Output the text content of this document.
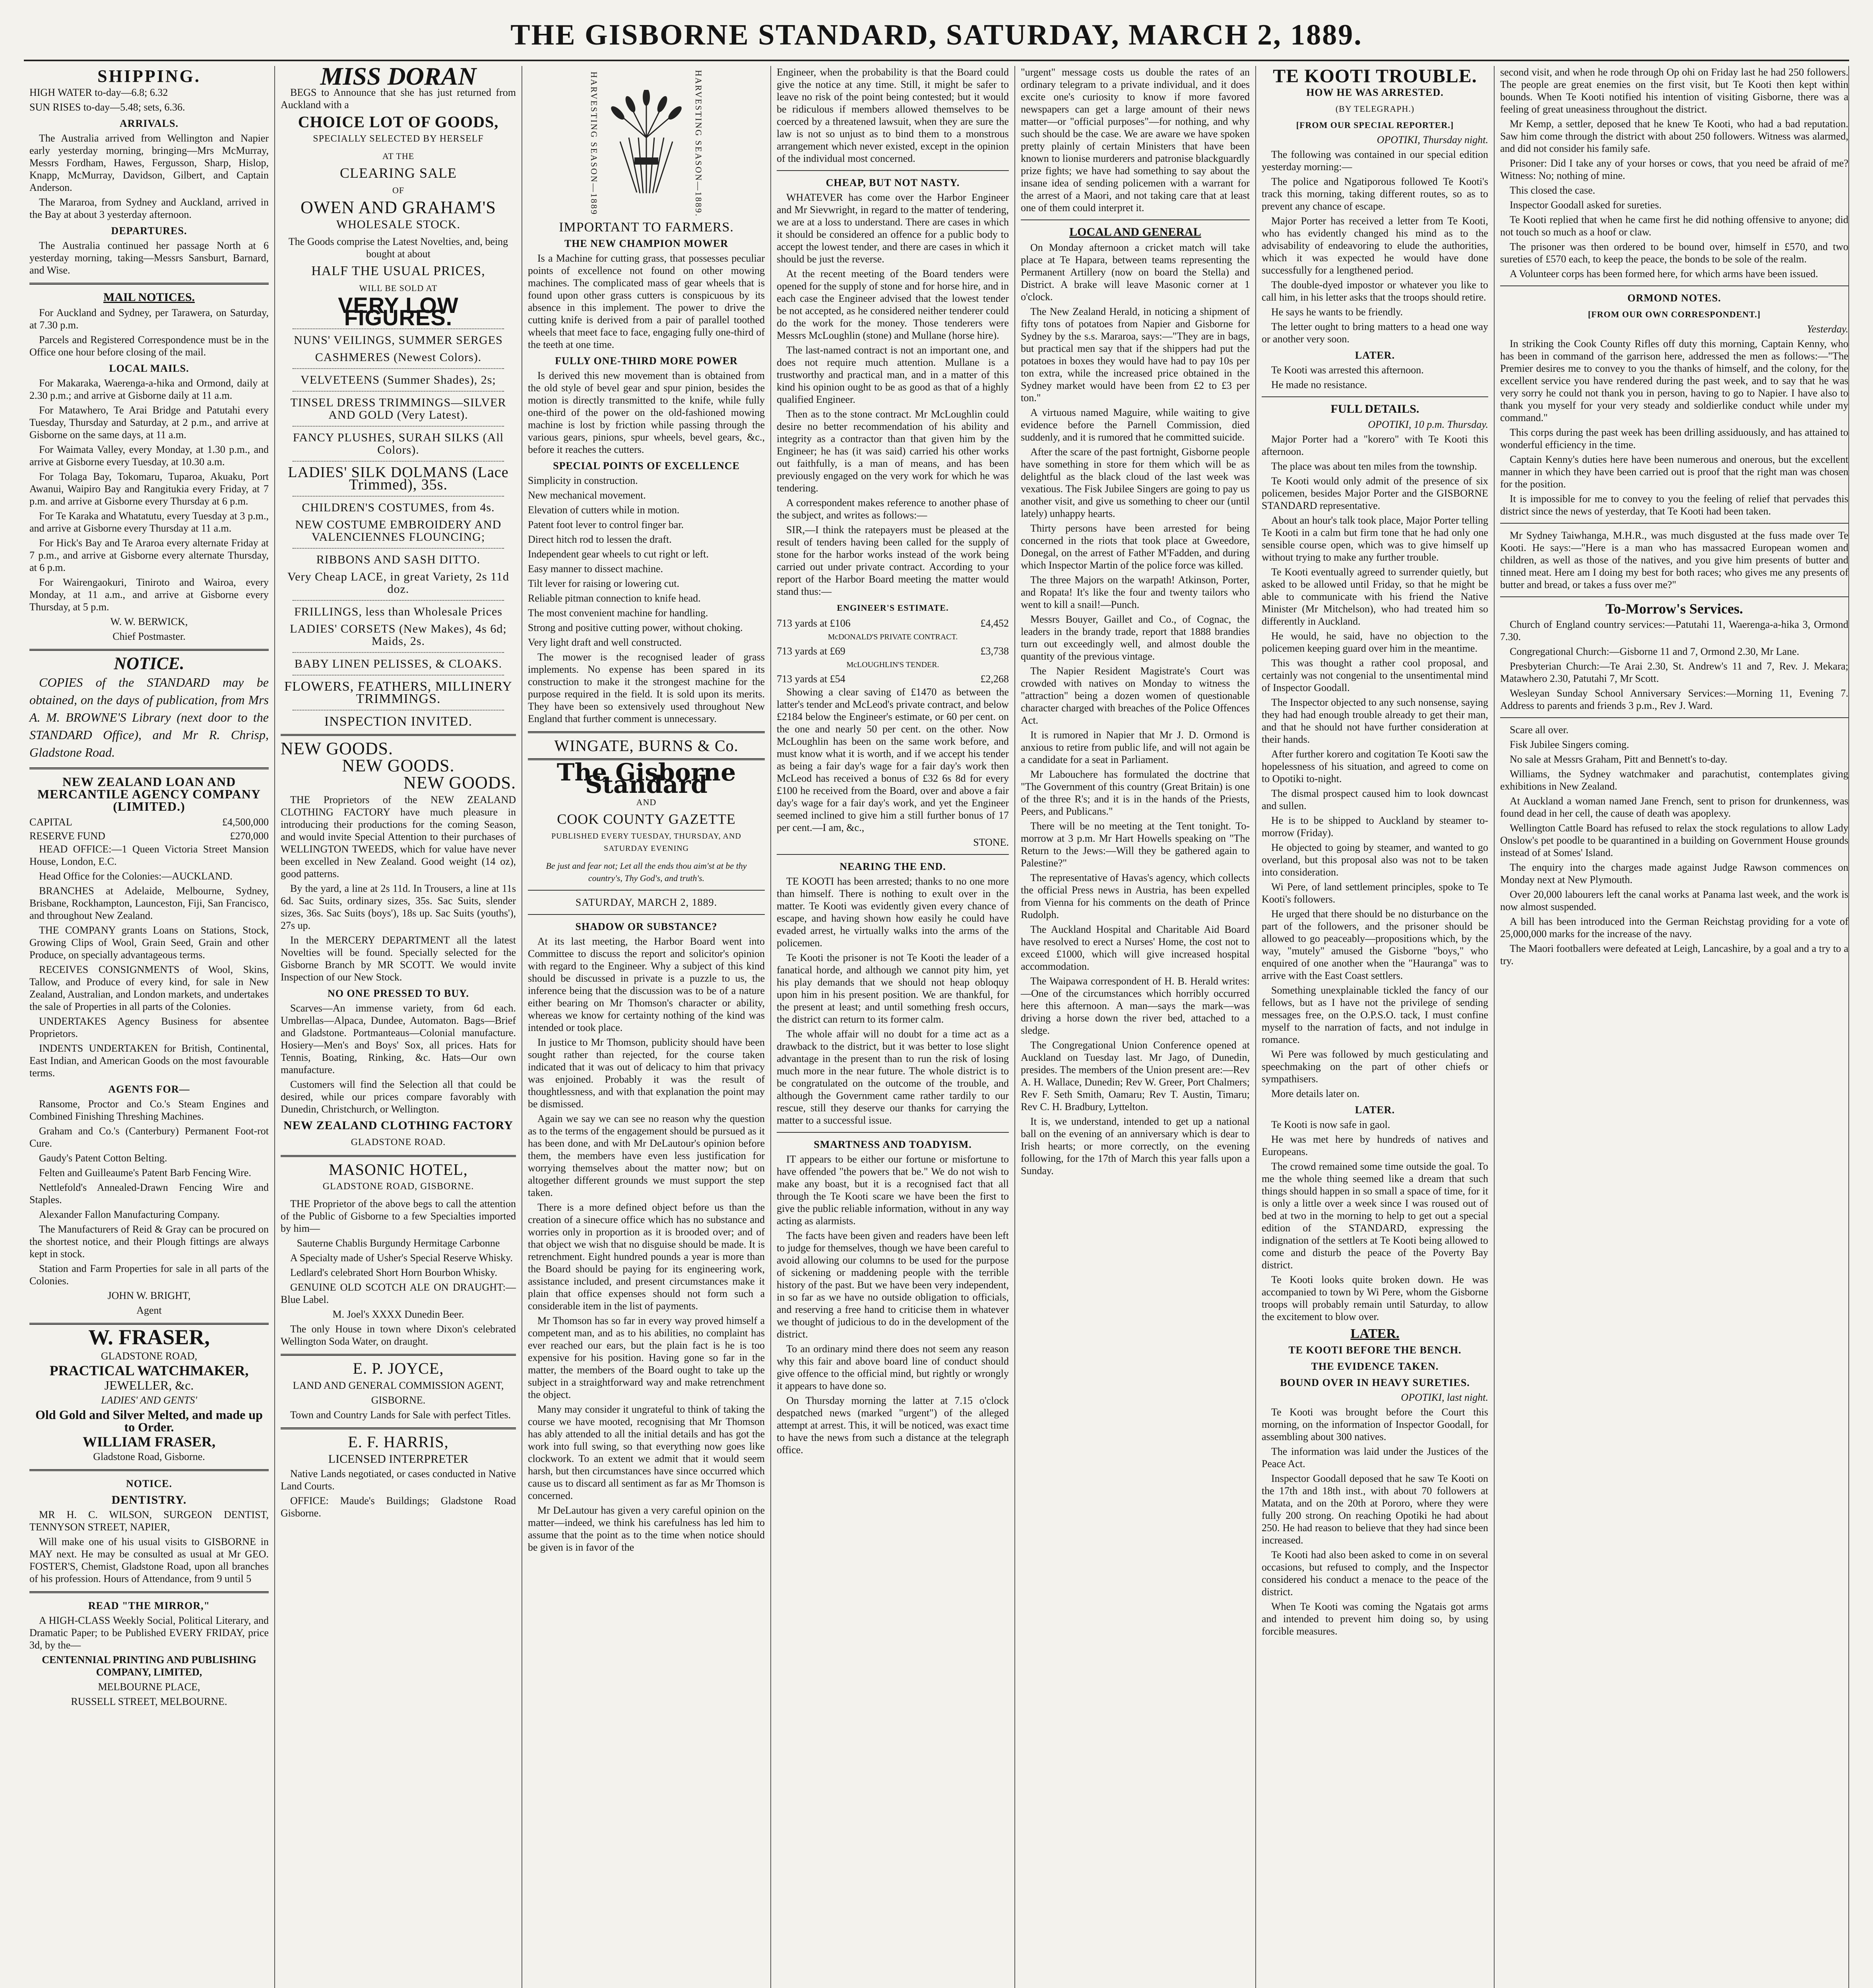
THE GISBORNE STANDARD, SATURDAY, MARCH 2, 1889.
SHIPPING.

HIGH WATER to-day—6.8; 6.32

SUN RISES to-day—5.48; sets, 6.36.

ARRIVALS.

The Australia arrived from Wellington and Napier early yesterday morning, bringing—Mrs McMurray, Messrs Fordham, Hawes, Fergusson, Sharp, Hislop, Knapp, McMurray, Davidson, Gilbert, and Captain Anderson.

The Mararoa, from Sydney and Auckland, arrived in the Bay at about 3 yesterday afternoon.

DEPARTURES.

The Australia continued her passage North at 6 yesterday morning, taking—Messrs Sansburt, Barnard, and Wise.

MAIL NOTICES.

For Auckland and Sydney, per Tarawera, on Saturday, at 7.30 p.m.

Parcels and Registered Correspondence must be in the Office one hour before closing of the mail.

LOCAL MAILS.

For Makaraka, Waerenga-a-hika and Ormond, daily at 2.30 p.m.; and arrive at Gisborne daily at 11 a.m.

For Matawhero, Te Arai Bridge and Patutahi every Tuesday, Thursday and Saturday, at 2 p.m., and arrive at Gisborne on the same days, at 11 a.m.

For Waimata Valley, every Monday, at 1.30 p.m., and arrive at Gisborne every Tuesday, at 10.30 a.m.

For Tolaga Bay, Tokomaru, Tuparoa, Akuaku, Port Awanui, Waipiro Bay and Rangitukia every Friday, at 7 p.m. and arrive at Gisborne every Thursday at 6 p.m.

For Te Karaka and Whatatutu, every Tuesday at 3 p.m., and arrive at Gisborne every Thursday at 11 a.m.

For Hick's Bay and Te Araroa every alternate Friday at 7 p.m., and arrive at Gisborne every alternate Thursday, at 6 p.m.

For Wairengaokuri, Tiniroto and Wairoa, every Monday, at 11 a.m., and arrive at Gisborne every Thursday, at 5 p.m.

W. W. BERWICK,

Chief Postmaster.

NOTICE.

COPIES of the STANDARD may be obtained, on the days of publication, from Mrs A. M. BROWNE'S Library (next door to the STANDARD Office), and Mr R. Chrisp, Gladstone Road.

NEW ZEALAND LOAN AND MERCANTILE AGENCY COMPANY (LIMITED.)
CAPITAL	£4,500,000
RESERVE FUND	£270,000

HEAD OFFICE:—1 Queen Victoria Street Mansion House, London, E.C.

Head Office for the Colonies:—AUCKLAND.

BRANCHES at Adelaide, Melbourne, Sydney, Brisbane, Rockhampton, Launceston, Fiji, San Francisco, and throughout New Zealand.

THE COMPANY grants Loans on Stations, Stock, Growing Clips of Wool, Grain Seed, Grain and other Produce, on specially advantageous terms.

RECEIVES CONSIGNMENTS of Wool, Skins, Tallow, and Produce of every kind, for sale in New Zealand, Australian, and London markets, and undertakes the sale of Properties in all parts of the Colonies.

UNDERTAKES Agency Business for absentee Proprietors.

INDENTS UNDERTAKEN for British, Continental, East Indian, and American Goods on the most favourable terms.

AGENTS FOR—

Ransome, Proctor and Co.'s Steam Engines and Combined Finishing Threshing Machines.

Graham and Co.'s (Canterbury) Permanent Foot-rot Cure.

Gaudy's Patent Cotton Belting.

Felten and Guilleaume's Patent Barb Fencing Wire.

Nettlefold's Annealed-Drawn Fencing Wire and Staples.

Alexander Fallon Manufacturing Company.

The Manufacturers of Reid & Gray can be procured on the shortest notice, and their Plough fittings are always kept in stock.

Station and Farm Properties for sale in all parts of the Colonies.

JOHN W. BRIGHT,

Agent

W. FRASER,

GLADSTONE ROAD,

PRACTICAL WATCHMAKER,

JEWELLER, &c.

LADIES' AND GENTS'

Old Gold and Silver Melted, and made up to Order.

WILLIAM FRASER,

Gladstone Road, Gisborne.

NOTICE.
DENTISTRY.

MR H. C. WILSON, SURGEON DENTIST, TENNYSON STREET, NAPIER,

Will make one of his usual visits to GISBORNE in MAY next. He may be consulted as usual at Mr GEO. FOSTER'S, Chemist, Gladstone Road, upon all branches of his profession. Hours of Attendance, from 9 until 5

READ "THE MIRROR,"

A HIGH-CLASS Weekly Social, Political Literary, and Dramatic Paper; to be Published EVERY FRIDAY, price 3d, by the—

CENTENNIAL PRINTING AND PUBLISHING COMPANY, LIMITED,

MELBOURNE PLACE,

RUSSELL STREET, MELBOURNE.

MISS DORAN

BEGS to Announce that she has just returned from Auckland with a

CHOICE LOT OF GOODS,
SPECIALLY SELECTED BY HERSELF
AT THE
CLEARING SALE
OF
OWEN AND GRAHAM'S
WHOLESALE STOCK.

The Goods comprise the Latest Novelties, and, being bought at about

HALF THE USUAL PRICES,
WILL BE SOLD AT
VERY LOW FIGURES.
NUNS' VEILINGS, SUMMER SERGES
CASHMERES (Newest Colors).
VELVETEENS (Summer Shades), 2s;
TINSEL DRESS TRIMMINGS—SILVER AND GOLD (Very Latest).
FANCY PLUSHES, SURAH SILKS (All Colors).
LADIES' SILK DOLMANS (Lace Trimmed), 35s.
CHILDREN'S COSTUMES, from 4s.
NEW COSTUME EMBROIDERY AND VALENCIENNES FLOUNCING;
RIBBONS AND SASH DITTO.
Very Cheap LACE, in great Variety, 2s 11d doz.
FRILLINGS, less than Wholesale Prices
LADIES' CORSETS (New Makes), 4s 6d; Maids, 2s.
BABY LINEN PELISSES, & CLOAKS.
FLOWERS, FEATHERS, MILLINERY TRIMMINGS.
INSPECTION INVITED.
NEW GOODS.
NEW GOODS.
NEW GOODS.

THE Proprietors of the NEW ZEALAND CLOTHING FACTORY have much pleasure in introducing their productions for the coming Season, and would invite Special Attention to their purchases of WELLINGTON TWEEDS, which for value have never been excelled in New Zealand. Good weight (14 oz), good patterns.

By the yard, a line at 2s 11d. In Trousers, a line at 11s 6d. Sac Suits, ordinary sizes, 35s. Sac Suits, slender sizes, 36s. Sac Suits (boys'), 18s up. Sac Suits (youths'), 27s up.

In the MERCERY DEPARTMENT all the latest Novelties will be found. Specially selected for the Gisborne Branch by MR SCOTT. We would invite Inspection of our New Stock.

NO ONE PRESSED TO BUY.

Scarves—An immense variety, from 6d each. Umbrellas—Alpaca, Dundee, Automaton. Bags—Brief and Gladstone. Portmanteaus—Colonial manufacture. Hosiery—Men's and Boys' Sox, all prices. Hats for Tennis, Boating, Rinking, &c. Hats—Our own manufacture.

Customers will find the Selection all that could be desired, while our prices compare favorably with Dunedin, Christchurch, or Wellington.

NEW ZEALAND CLOTHING FACTORY
GLADSTONE ROAD.
MASONIC HOTEL,
GLADSTONE ROAD, GISBORNE.

THE Proprietor of the above begs to call the attention of the Public of Gisborne to a few Specialties imported by him—

Sauterne Chablis Burgundy Hermitage Carbonne

A Specialty made of Usher's Special Reserve Whisky.

Ledlard's celebrated Short Horn Bourbon Whisky.

GENUINE OLD SCOTCH ALE ON DRAUGHT:—Blue Label.

M. Joel's XXXX Dunedin Beer.

The only House in town where Dixon's celebrated Wellington Soda Water, on draught.

E. P. JOYCE,

LAND AND GENERAL COMMISSION AGENT,

GISBORNE.

Town and Country Lands for Sale with perfect Titles.

E. F. HARRIS,

LICENSED INTERPRETER

Native Lands negotiated, or cases conducted in Native Land Courts.

OFFICE: Maude's Buildings; Gladstone Road Gisborne.

HARVESTING SEASON—1889	HARVESTING SEASON—1889.
IMPORTANT TO FARMERS.
THE NEW CHAMPION MOWER

Is a Machine for cutting grass, that possesses peculiar points of excellence not found on other mowing machines. The complicated mass of gear wheels that is found upon other grass cutters is conspicuous by its absence in this implement. The power to drive the cutting knife is derived from a pair of parallel toothed wheels that meet face to face, engaging fully one-third of the teeth at one time.

FULLY ONE-THIRD MORE POWER

Is derived this new movement than is obtained from the old style of bevel gear and spur pinion, besides the motion is directly transmitted to the knife, while fully one-third of the power on the old-fashioned mowing machine is lost by friction while passing through the various gears, pinions, spur wheels, bevel gears, &c., before it reaches the cutters.

SPECIAL POINTS OF EXCELLENCE

Simplicity in construction.

New mechanical movement.

Elevation of cutters while in motion.

Patent foot lever to control finger bar.

Direct hitch rod to lessen the draft.

Independent gear wheels to cut right or left.

Easy manner to dissect machine.

Tilt lever for raising or lowering cut.

Reliable pitman connection to knife head.

The most convenient machine for handling.

Strong and positive cutting power, without choking.

Very light draft and well constructed.

The mower is the recognised leader of grass implements. No expense has been spared in its construction to make it the strongest machine for the purpose required in the field. It is sold upon its merits. They have been so extensively used throughout New England that further comment is unnecessary.

WINGATE, BURNS & Co.
The Gisborne Standard
AND
COOK COUNTY GAZETTE
PUBLISHED EVERY TUESDAY, THURSDAY, AND SATURDAY EVENING

Be just and fear not; Let all the ends thou aim'st at be thy country's, Thy God's, and truth's.

SATURDAY, MARCH 2, 1889.
SHADOW OR SUBSTANCE?

At its last meeting, the Harbor Board went into Committee to discuss the report and solicitor's opinion with regard to the Engineer. Why a subject of this kind should be discussed in private is a puzzle to us, the inference being that the discussion was to be of a nature either bearing on Mr Thomson's character or ability, whereas we know for certainty nothing of the kind was intended or took place.

In justice to Mr Thomson, publicity should have been sought rather than rejected, for the course taken indicated that it was out of delicacy to him that privacy was enjoined. Probably it was the result of thoughtlessness, and with that explanation the point may be dismissed.

Again we say we can see no reason why the question as to the terms of the engagement should be pursued as it has been done, and with Mr DeLautour's opinion before them, the members have even less justification for worrying themselves about the matter now; but on altogether different grounds we must support the step taken.

There is a more defined object before us than the creation of a sinecure office which has no substance and worries only in proportion as it is brooded over; and of that object we wish that no disguise should be made. It is retrenchment. Eight hundred pounds a year is more than the Board should be paying for its engineering work, assistance included, and present circumstances make it plain that office expenses should not form such a considerable item in the list of payments.

Mr Thomson has so far in every way proved himself a competent man, and as to his abilities, no complaint has ever reached our ears, but the plain fact is he is too expensive for his position. Having gone so far in the matter, the members of the Board ought to take up the subject in a straightforward way and make retrenchment the object.

Many may consider it ungrateful to think of taking the course we have mooted, recognising that Mr Thomson has ably attended to all the initial details and has got the work into full swing, so that everything now goes like clockwork. To an extent we admit that it would seem harsh, but then circumstances have since occurred which cause us to discard all sentiment as far as Mr Thomson is concerned.

Mr DeLautour has given a very careful opinion on the matter—indeed, we think his carefulness has led him to assume that the point as to the time when notice should be given is in favor of the

Engineer, when the probability is that the Board could give the notice at any time. Still, it might be safer to leave no risk of the point being contested; but it would be ridiculous if members allowed themselves to be coerced by a threatened lawsuit, when they are sure the law is not so unjust as to bind them to a monstrous arrangement which never existed, except in the opinion of the individual most concerned.

CHEAP, BUT NOT NASTY.

WHATEVER has come over the Harbor Engineer and Mr Sievwright, in regard to the matter of tendering, we are at a loss to understand. There are cases in which it should be considered an offence for a public body to accept the lowest tender, and there are cases in which it should be just the reverse.

At the recent meeting of the Board tenders were opened for the supply of stone and for horse hire, and in each case the Engineer advised that the lowest tender be not accepted, as he considered neither tenderer could do the work for the money. Those tenderers were Messrs McLoughlin (stone) and Mullane (horse hire).

The last-named contract is not an important one, and does not require much attention. Mullane is a trustworthy and practical man, and in a matter of this kind his opinion ought to be as good as that of a highly qualified Engineer.

Then as to the stone contract. Mr McLoughlin could desire no better recommendation of his ability and integrity as a contractor than that given him by the Engineer; he has (it was said) carried his other works out faithfully, is a man of means, and has been previously engaged on the very work for which he was tendering.

A correspondent makes reference to another phase of the subject, and writes as follows:—

SIR,—I think the ratepayers must be pleased at the result of tenders having been called for the supply of stone for the harbor works instead of the work being carried out under private contract. According to your report of the Harbor Board meeting the matter would stand thus:—

ENGINEER'S ESTIMATE.
713 yards at £106	£4,452
McDONALD'S PRIVATE CONTRACT.	
713 yards at £69	£3,738
McLOUGHLIN'S TENDER.	
713 yards at £54	£2,268

Showing a clear saving of £1470 as between the latter's tender and McLeod's private contract, and below £2184 below the Engineer's estimate, or 60 per cent. on the one and nearly 50 per cent. on the other. Now McLoughlin has been on the same work before, and must know what it is worth, and if we accept his tender as being a fair day's wage for a fair day's work then McLeod has received a bonus of £32 6s 8d for every £100 he received from the Board, over and above a fair day's wage for a fair day's work, and yet the Engineer seemed inclined to give him a still further bonus of 17 per cent.—I am, &c.,

STONE.

NEARING THE END.

TE KOOTI has been arrested; thanks to no one more than himself. There is nothing to exult over in the matter. Te Kooti was evidently given every chance of escape, and having shown how easily he could have evaded arrest, he virtually walks into the arms of the policemen.

Te Kooti the prisoner is not Te Kooti the leader of a fanatical horde, and although we cannot pity him, yet his play demands that we should not heap obloquy upon him in his present position. We are thankful, for the present at least; and until something fresh occurs, the district can return to its former calm.

The whole affair will no doubt for a time act as a drawback to the district, but it was better to lose slight advantage in the present than to run the risk of losing much more in the near future. The whole district is to be congratulated on the outcome of the trouble, and although the Government came rather tardily to our rescue, still they deserve our thanks for carrying the matter to a successful issue.

SMARTNESS AND TOADYISM.

IT appears to be either our fortune or misfortune to have offended "the powers that be." We do not wish to make any boast, but it is a recognised fact that all through the Te Kooti scare we have been the first to give the public reliable information, without in any way acting as alarmists.

The facts have been given and readers have been left to judge for themselves, though we have been careful to avoid allowing our columns to be used for the purpose of sickening or maddening people with the terrible history of the past. But we have been very independent, in so far as we have no outside obligation to officials, and reserving a free hand to criticise them in whatever we thought of judicious to do in the development of the district.

To an ordinary mind there does not seem any reason why this fair and above board line of conduct should give offence to the official mind, but rightly or wrongly it appears to have done so.

On Thursday morning the latter at 7.15 o'clock despatched news (marked "urgent") of the alleged attempt at arrest. This, it will be noticed, was exact time to have the news from such a distance at the telegraph office.

"urgent" message costs us double the rates of an ordinary telegram to a private individual, and it does excite one's curiosity to know if more favored newspapers can get a large amount of their news matter—or "official purposes"—for nothing, and why such should be the case. We are aware we have spoken pretty plainly of certain Ministers that have been known to lionise murderers and patronise blackguardly prize fights; we have had something to say about the insane idea of sending policemen with a warrant for the arrest of a Maori, and not taking care that at least one of them could interpret it.

LOCAL AND GENERAL

On Monday afternoon a cricket match will take place at Te Hapara, between teams representing the Permanent Artillery (now on board the Stella) and District. A brake will leave Masonic corner at 1 o'clock.

The New Zealand Herald, in noticing a shipment of fifty tons of potatoes from Napier and Gisborne for Sydney by the s.s. Mararoa, says:—"They are in bags, but practical men say that if the shippers had put the potatoes in boxes they would have had to pay 10s per ton extra, while the increased price obtained in the Sydney market would have been from £2 to £3 per ton."

A virtuous named Maguire, while waiting to give evidence before the Parnell Commission, died suddenly, and it is rumored that he committed suicide.

After the scare of the past fortnight, Gisborne people have something in store for them which will be as delightful as the black cloud of the last week was vexatious. The Fisk Jubilee Singers are going to pay us another visit, and give us something to cheer our (until lately) unhappy hearts.

Thirty persons have been arrested for being concerned in the riots that took place at Gweedore, Donegal, on the arrest of Father M'Fadden, and during which Inspector Martin of the police force was killed.

The three Majors on the warpath! Atkinson, Porter, and Ropata! It's like the four and twenty tailors who went to kill a snail!—Punch.

Messrs Bouyer, Gaillet and Co., of Cognac, the leaders in the brandy trade, report that 1888 brandies turn out exceedingly well, and almost double the quantity of the previous vintage.

The Napier Resident Magistrate's Court was crowded with natives on Monday to witness the "attraction" being a dozen women of questionable character charged with breaches of the Police Offences Act.

It is rumored in Napier that Mr J. D. Ormond is anxious to retire from public life, and will not again be a candidate for a seat in Parliament.

Mr Labouchere has formulated the doctrine that "The Government of this country (Great Britain) is one of the three R's; and it is in the hands of the Priests, Peers, and Publicans."

There will be no meeting at the Tent tonight. To-morrow at 3 p.m. Mr Hart Howells speaking on "The Return to the Jews:—Will they be gathered again to Palestine?"

The representative of Havas's agency, which collects the official Press news in Austria, has been expelled from Vienna for his comments on the death of Prince Rudolph.

The Auckland Hospital and Charitable Aid Board have resolved to erect a Nurses' Home, the cost not to exceed £1000, which will give increased hospital accommodation.

The Waipawa correspondent of H. B. Herald writes:—One of the circumstances which horribly occurred here this afternoon. A man—says the mark—was driving a horse down the river bed, attached to a sledge.

The Congregational Union Conference opened at Auckland on Tuesday last. Mr Jago, of Dunedin, presides. The members of the Union present are:—Rev A. H. Wallace, Dunedin; Rev W. Greer, Port Chalmers; Rev F. Seth Smith, Oamaru; Rev T. Austin, Timaru; Rev C. H. Bradbury, Lyttelton.

It is, we understand, intended to get up a national ball on the evening of an anniversary which is dear to Irish hearts; or more correctly, on the evening following, for the 17th of March this year falls upon a Sunday.

TE KOOTI TROUBLE.
HOW HE WAS ARRESTED.
(BY TELEGRAPH.)
[FROM OUR SPECIAL REPORTER.]

OPOTIKI, Thursday night.

The following was contained in our special edition yesterday morning:—

The police and Ngatiporous followed Te Kooti's track this morning, taking different routes, so as to prevent any chance of escape.

Major Porter has received a letter from Te Kooti, who has evidently changed his mind as to the advisability of endeavoring to elude the authorities, which it was expected he would have done successfully for a lengthened period.

The double-dyed impostor or whatever you like to call him, in his letter asks that the troops should retire.

He says he wants to be friendly.

The letter ought to bring matters to a head one way or another very soon.

LATER.

Te Kooti was arrested this afternoon.

He made no resistance.

FULL DETAILS.

OPOTIKI, 10 p.m. Thursday.

Major Porter had a "korero" with Te Kooti this afternoon.

The place was about ten miles from the township.

Te Kooti would only admit of the presence of six policemen, besides Major Porter and the GISBORNE STANDARD representative.

About an hour's talk took place, Major Porter telling Te Kooti in a calm but firm tone that he had only one sensible course open, which was to give himself up without trying to make any further trouble.

Te Kooti eventually agreed to surrender quietly, but asked to be allowed until Friday, so that he might be able to communicate with his friend the Native Minister (Mr Mitchelson), who had treated him so differently in Auckland.

He would, he said, have no objection to the policemen keeping guard over him in the meantime.

This was thought a rather cool proposal, and certainly was not congenial to the unsentimental mind of Inspector Goodall.

The Inspector objected to any such nonsense, saying they had had enough trouble already to get their man, and that he should not have further consideration at their hands.

After further korero and cogitation Te Kooti saw the hopelessness of his situation, and agreed to come on to Opotiki to-night.

The dismal prospect caused him to look downcast and sullen.

He is to be shipped to Auckland by steamer to-morrow (Friday).

He objected to going by steamer, and wanted to go overland, but this proposal also was not to be taken into consideration.

Wi Pere, of land settlement principles, spoke to Te Kooti's followers.

He urged that there should be no disturbance on the part of the followers, and the prisoner should be allowed to go peaceably—propositions which, by the way, "mutely" amused the Gisborne "boys," who enquired of one another when the "Hauranga" was to arrive with the East Coast settlers.

Something unexplainable tickled the fancy of our fellows, but as I have not the privilege of sending messages free, on the O.P.S.O. tack, I must confine myself to the narration of facts, and not indulge in romance.

Wi Pere was followed by much gesticulating and speechmaking on the part of other chiefs or sympathisers.

More details later on.

LATER.

Te Kooti is now safe in gaol.

He was met here by hundreds of natives and Europeans.

The crowd remained some time outside the goal. To me the whole thing seemed like a dream that such things should happen in so small a space of time, for it is only a little over a week since I was roused out of bed at two in the morning to help to get out a special edition of the STANDARD, expressing the indignation of the settlers at Te Kooti being allowed to come and disturb the peace of the Poverty Bay district.

Te Kooti looks quite broken down. He was accompanied to town by Wi Pere, whom the Gisborne troops will probably remain until Saturday, to allow the excitement to blow over.

LATER.
TE KOOTI BEFORE THE BENCH.
THE EVIDENCE TAKEN.
BOUND OVER IN HEAVY SURETIES.

OPOTIKI, last night.

Te Kooti was brought before the Court this morning, on the information of Inspector Goodall, for assembling about 300 natives.

The information was laid under the Justices of the Peace Act.

Inspector Goodall deposed that he saw Te Kooti on the 17th and 18th inst., with about 70 followers at Matata, and on the 20th at Pororo, where they were fully 200 strong. On reaching Opotiki he had about 250. He had reason to believe that they had since been increased.

Te Kooti had also been asked to come in on several occasions, but refused to comply, and the Inspector considered his conduct a menace to the peace of the district.

When Te Kooti was coming the Ngatais got arms and intended to prevent him doing so, by using forcible measures.

second visit, and when he rode through Op ohi on Friday last he had 250 followers. The people are great enemies on the first visit, but Te Kooti then kept within bounds. When Te Kooti notified his intention of visiting Gisborne, there was a feeling of great uneasiness throughout the district.

Mr Kemp, a settler, deposed that he knew Te Kooti, who had a bad reputation. Saw him come through the district with about 250 followers. Witness was alarmed, and did not consider his family safe.

Prisoner: Did I take any of your horses or cows, that you need be afraid of me? Witness: No; nothing of mine.

This closed the case.

Inspector Goodall asked for sureties.

Te Kooti replied that when he came first he did nothing offensive to anyone; did not touch so much as a hoof or claw.

The prisoner was then ordered to be bound over, himself in £570, and two sureties of £570 each, to keep the peace, the bonds to be sole of the realm.

A Volunteer corps has been formed here, for which arms have been issued.

ORMOND NOTES.
[FROM OUR OWN CORRESPONDENT.]

Yesterday.

In striking the Cook County Rifles off duty this morning, Captain Kenny, who has been in command of the garrison here, addressed the men as follows:—"The Premier desires me to convey to you the thanks of himself, and the colony, for the excellent service you have rendered during the past week, and to say that he was very sorry he could not thank you in person, having to go to Napier. I have also to thank you myself for your very steady and soldierlike conduct while under my command."

This corps during the past week has been drilling assiduously, and has attained to wonderful efficiency in the time.

Captain Kenny's duties here have been numerous and onerous, but the excellent manner in which they have been carried out is proof that the right man was chosen for the position.

It is impossible for me to convey to you the feeling of relief that pervades this district since the news of yesterday, that Te Kooti had been taken.

Mr Sydney Taiwhanga, M.H.R., was much disgusted at the fuss made over Te Kooti. He says:—"Here is a man who has massacred European women and children, as well as those of the natives, and you give him presents of butter and tinned meat. Here am I doing my best for both races; who gives me any presents of butter and bread, or takes a fuss over me?"

To-Morrow's Services.

Church of England country services:—Patutahi 11, Waerenga-a-hika 3, Ormond 7.30.

Congregational Church:—Gisborne 11 and 7, Ormond 2.30, Mr Lane.

Presbyterian Church:—Te Arai 2.30, St. Andrew's 11 and 7, Rev. J. Mekara; Matawhero 2.30, Patutahi 7, Mr Scott.

Wesleyan Sunday School Anniversary Services:—Morning 11, Evening 7. Address to parents and friends 3 p.m., Rev J. Ward.

Scare all over.

Fisk Jubilee Singers coming.

No sale at Messrs Graham, Pitt and Bennett's to-day.

Williams, the Sydney watchmaker and parachutist, contemplates giving exhibitions in New Zealand.

At Auckland a woman named Jane French, sent to prison for drunkenness, was found dead in her cell, the cause of death was apoplexy.

Wellington Cattle Board has refused to relax the stock regulations to allow Lady Onslow's pet poodle to be quarantined in a building on Government House grounds instead of at Somes' Island.

The enquiry into the charges made against Judge Rawson commences on Monday next at New Plymouth.

Over 20,000 labourers left the canal works at Panama last week, and the work is now almost suspended.

A bill has been introduced into the German Reichstag providing for a vote of 25,000,000 marks for the increase of the navy.

The Maori footballers were defeated at Leigh, Lancashire, by a goal and a try to a try.
